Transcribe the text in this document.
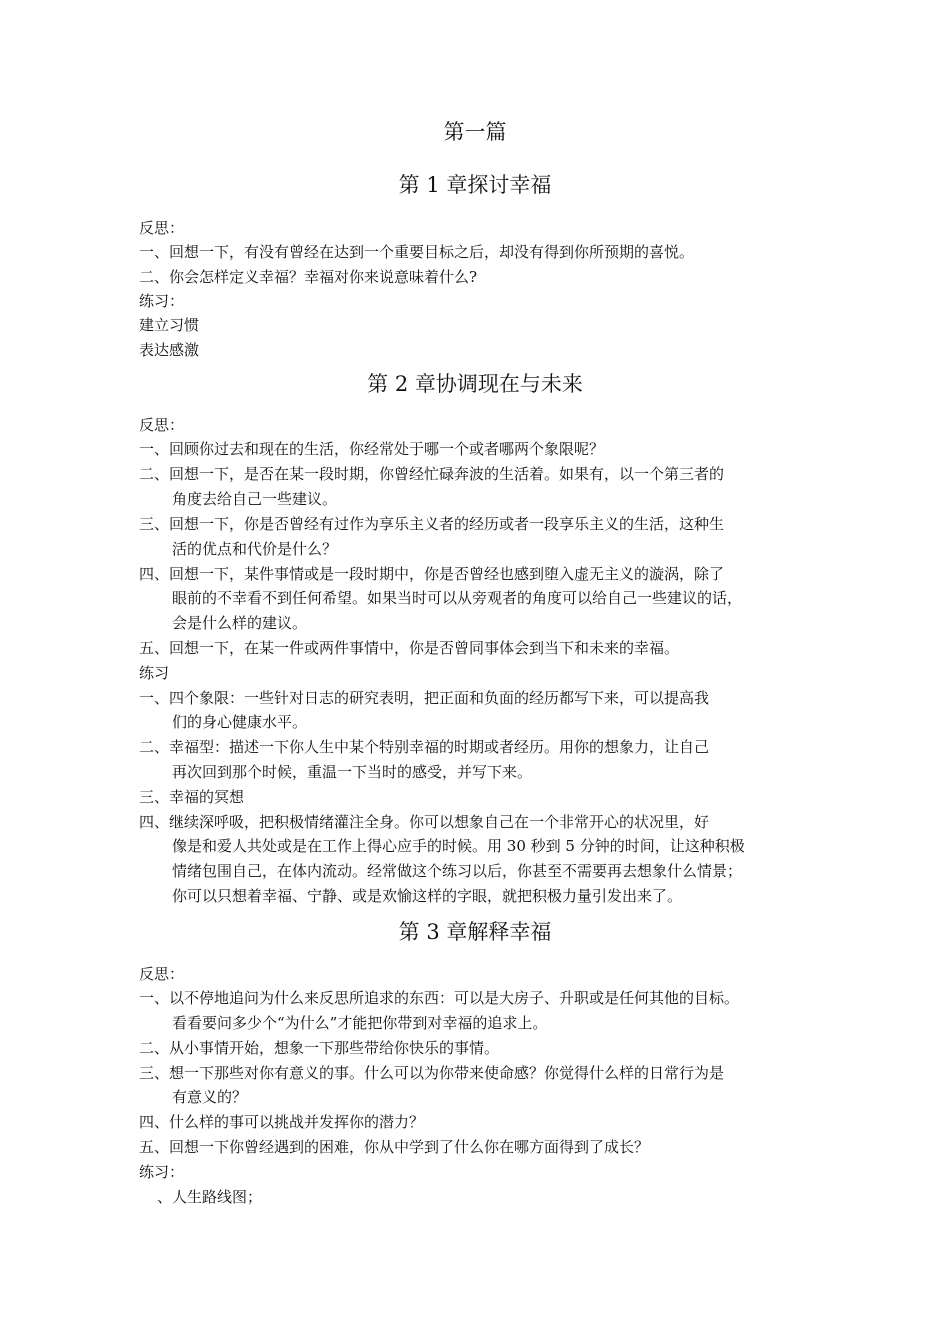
第一篇
第 1 章探讨幸福
反思：
一、回想一下，有没有曾经在达到一个重要目标之后，却没有得到你所预期的喜悦。
二、你会怎样定义幸福？幸福对你来说意味着什么?
练习：
建立习惯
表达感激
第 2 章协调现在与未来
反思：
一、回顾你过去和现在的生活，你经常处于哪一个或者哪两个象限呢？
二、回想一下，是否在某一段时期，你曾经忙碌奔波的生活着。如果有，以一个第三者的
角度去给自己一些建议。
三、回想一下，你是否曾经有过作为享乐主义者的经历或者一段享乐主义的生活，这种生
活的优点和代价是什么？
四、回想一下，某件事情或是一段时期中，你是否曾经也感到堕入虚无主义的漩涡，除了
眼前的不幸看不到任何希望。如果当时可以从旁观者的角度可以给自己一些建议的话，
会是什么样的建议。
五、回想一下，在某一件或两件事情中，你是否曾同事体会到当下和未来的幸福。
练习
一、四个象限：一些针对日志的研究表明，把正面和负面的经历都写下来，可以提高我
们的身心健康水平。
二、幸福型：描述一下你人生中某个特别幸福的时期或者经历。用你的想象力，让自己
再次回到那个时候，重温一下当时的感受，并写下来。
三、幸福的冥想
四、继续深呼吸，把积极情绪灌注全身。你可以想象自己在一个非常开心的状况里，好
像是和爱人共处或是在工作上得心应手的时候。用 30 秒到 5 分钟的时间，让这种积极
情绪包围自己，在体内流动。经常做这个练习以后，你甚至不需要再去想象什么情景；
你可以只想着幸福、宁静、或是欢愉这样的字眼，就把积极力量引发出来了。
第 3 章解释幸福
反思：
一、以不停地追问为什么来反思所追求的东西：可以是大房子、升职或是任何其他的目标。
看看要问多少个“为什么”才能把你带到对幸福的追求上。
二、从小事情开始，想象一下那些带给你快乐的事情。
三、想一下那些对你有意义的事。什么可以为你带来使命感？你觉得什么样的日常行为是
有意义的？
四、什么样的事可以挑战并发挥你的潜力？
五、回想一下你曾经遇到的困难，你从中学到了什么你在哪方面得到了成长？
练习：
、人生路线图；
